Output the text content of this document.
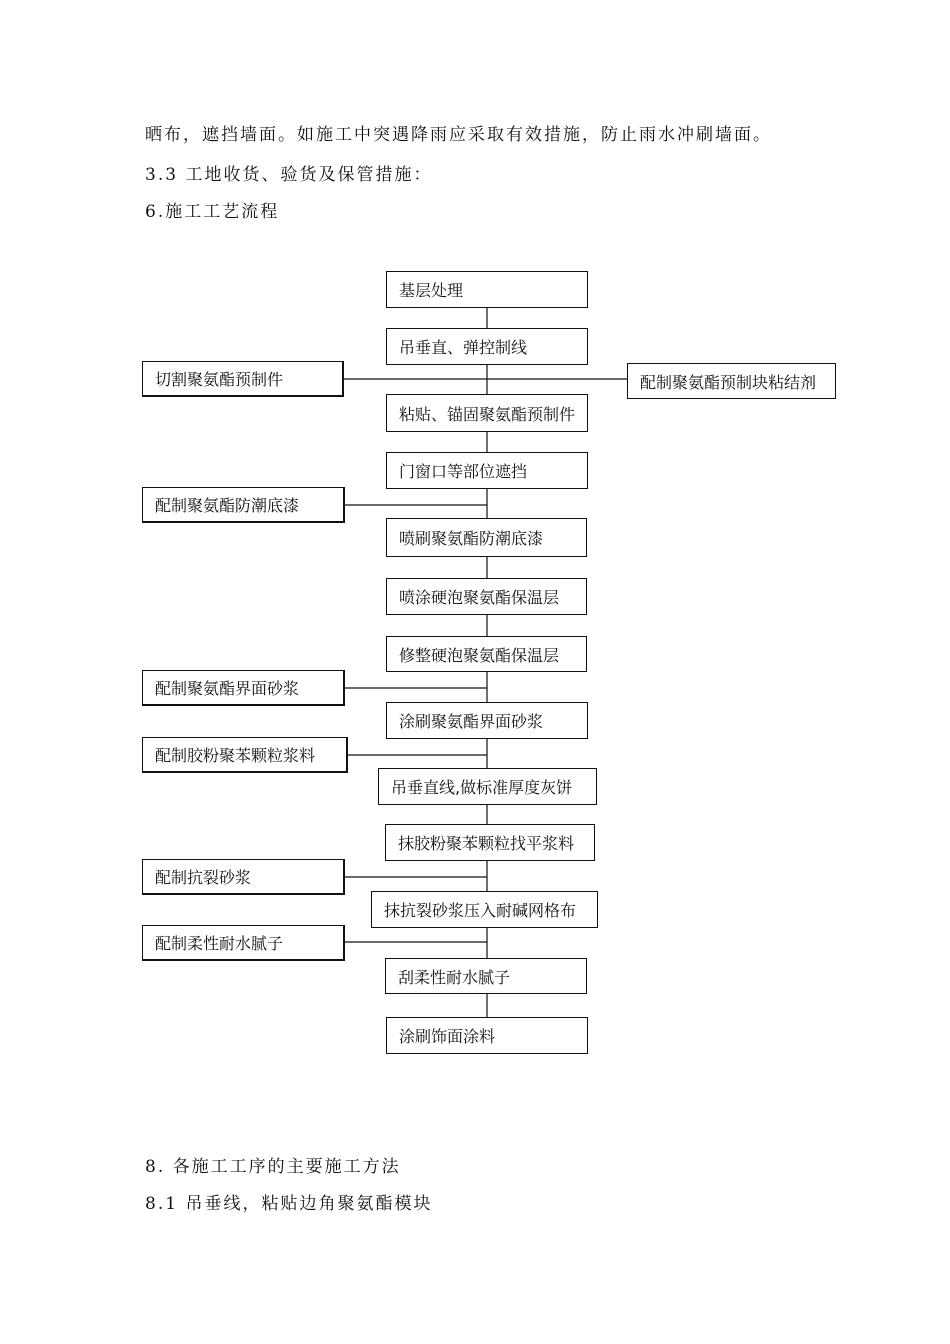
晒布，遮挡墙面。如施工中突遇降雨应采取有效措施，防止雨水冲刷墙面。
3.3 工地收货、验货及保管措施：
6.施工工艺流程
基层处理
吊垂直、弹控制线
粘贴、锚固聚氨酯预制件
门窗口等部位遮挡
喷刷聚氨酯防潮底漆
喷涂硬泡聚氨酯保温层
修整硬泡聚氨酯保温层
涂刷聚氨酯界面砂浆
吊垂直线,做标准厚度灰饼
抹胶粉聚苯颗粒找平浆料
抹抗裂砂浆压入耐碱网格布
刮柔性耐水腻子
涂刷饰面涂料
切割聚氨酯预制件
配制聚氨酯防潮底漆
配制聚氨酯界面砂浆
配制胶粉聚苯颗粒浆料
配制抗裂砂浆
配制柔性耐水腻子
配制聚氨酯预制块粘结剂
8. 各施工工序的主要施工方法
8.1 吊垂线，粘贴边角聚氨酯模块
